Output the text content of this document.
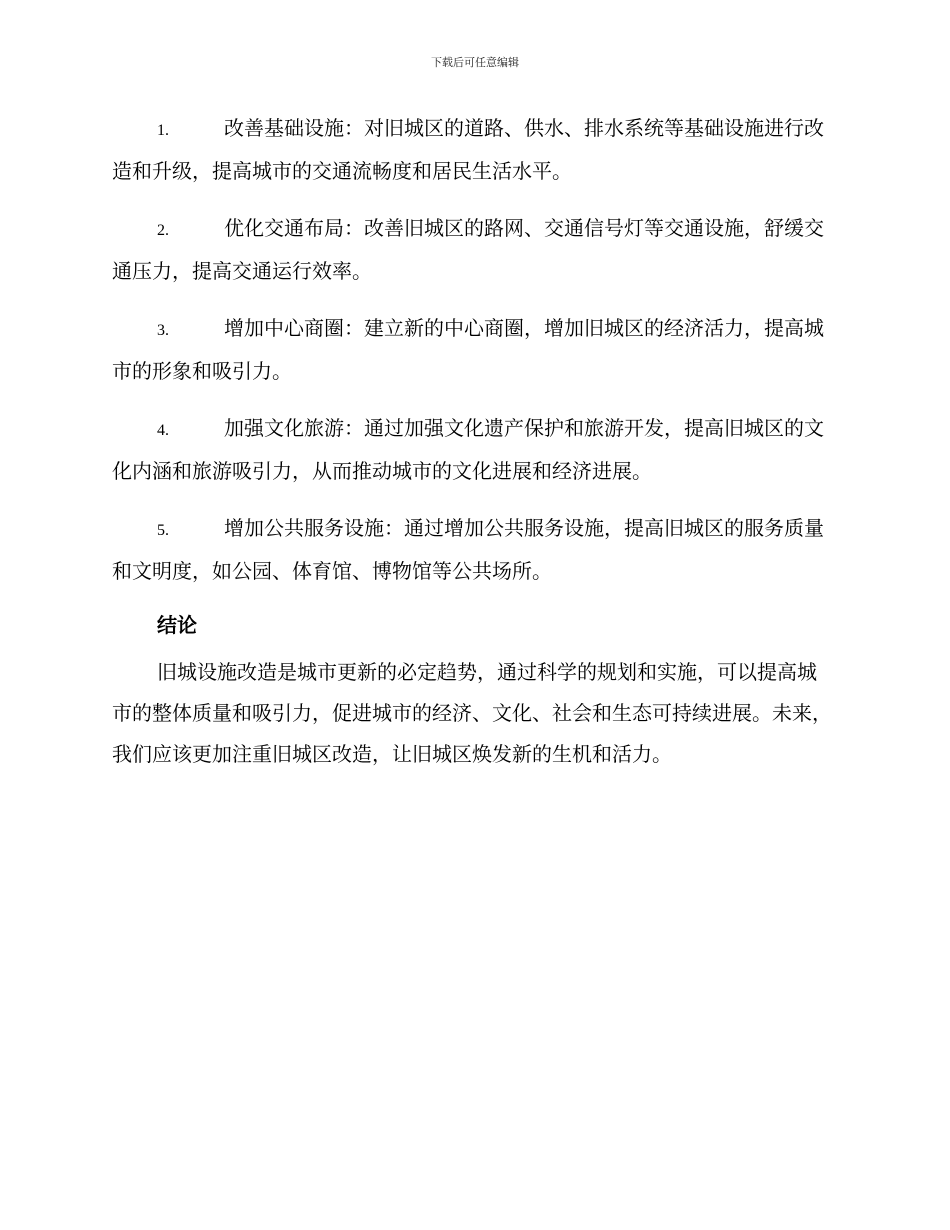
下载后可任意编辑
1.	改善基础设施：对旧城区的道路、供水、排水系统等基础设施进行改造和升级，提高城市的交通流畅度和居民生活水平。
2.	优化交通布局：改善旧城区的路网、交通信号灯等交通设施，舒缓交通压力，提高交通运行效率。
3.	增加中心商圈：建立新的中心商圈，增加旧城区的经济活力，提高城市的形象和吸引力。
4.	加强文化旅游：通过加强文化遗产保护和旅游开发，提高旧城区的文化内涵和旅游吸引力，从而推动城市的文化进展和经济进展。
5.	增加公共服务设施：通过增加公共服务设施，提高旧城区的服务质量和文明度，如公园、体育馆、博物馆等公共场所。
结论

旧城设施改造是城市更新的必定趋势，通过科学的规划和实施，可以提高城市的整体质量和吸引力，促进城市的经济、文化、社会和生态可持续进展。未来，我们应该更加注重旧城区改造，让旧城区焕发新的生机和活力。
